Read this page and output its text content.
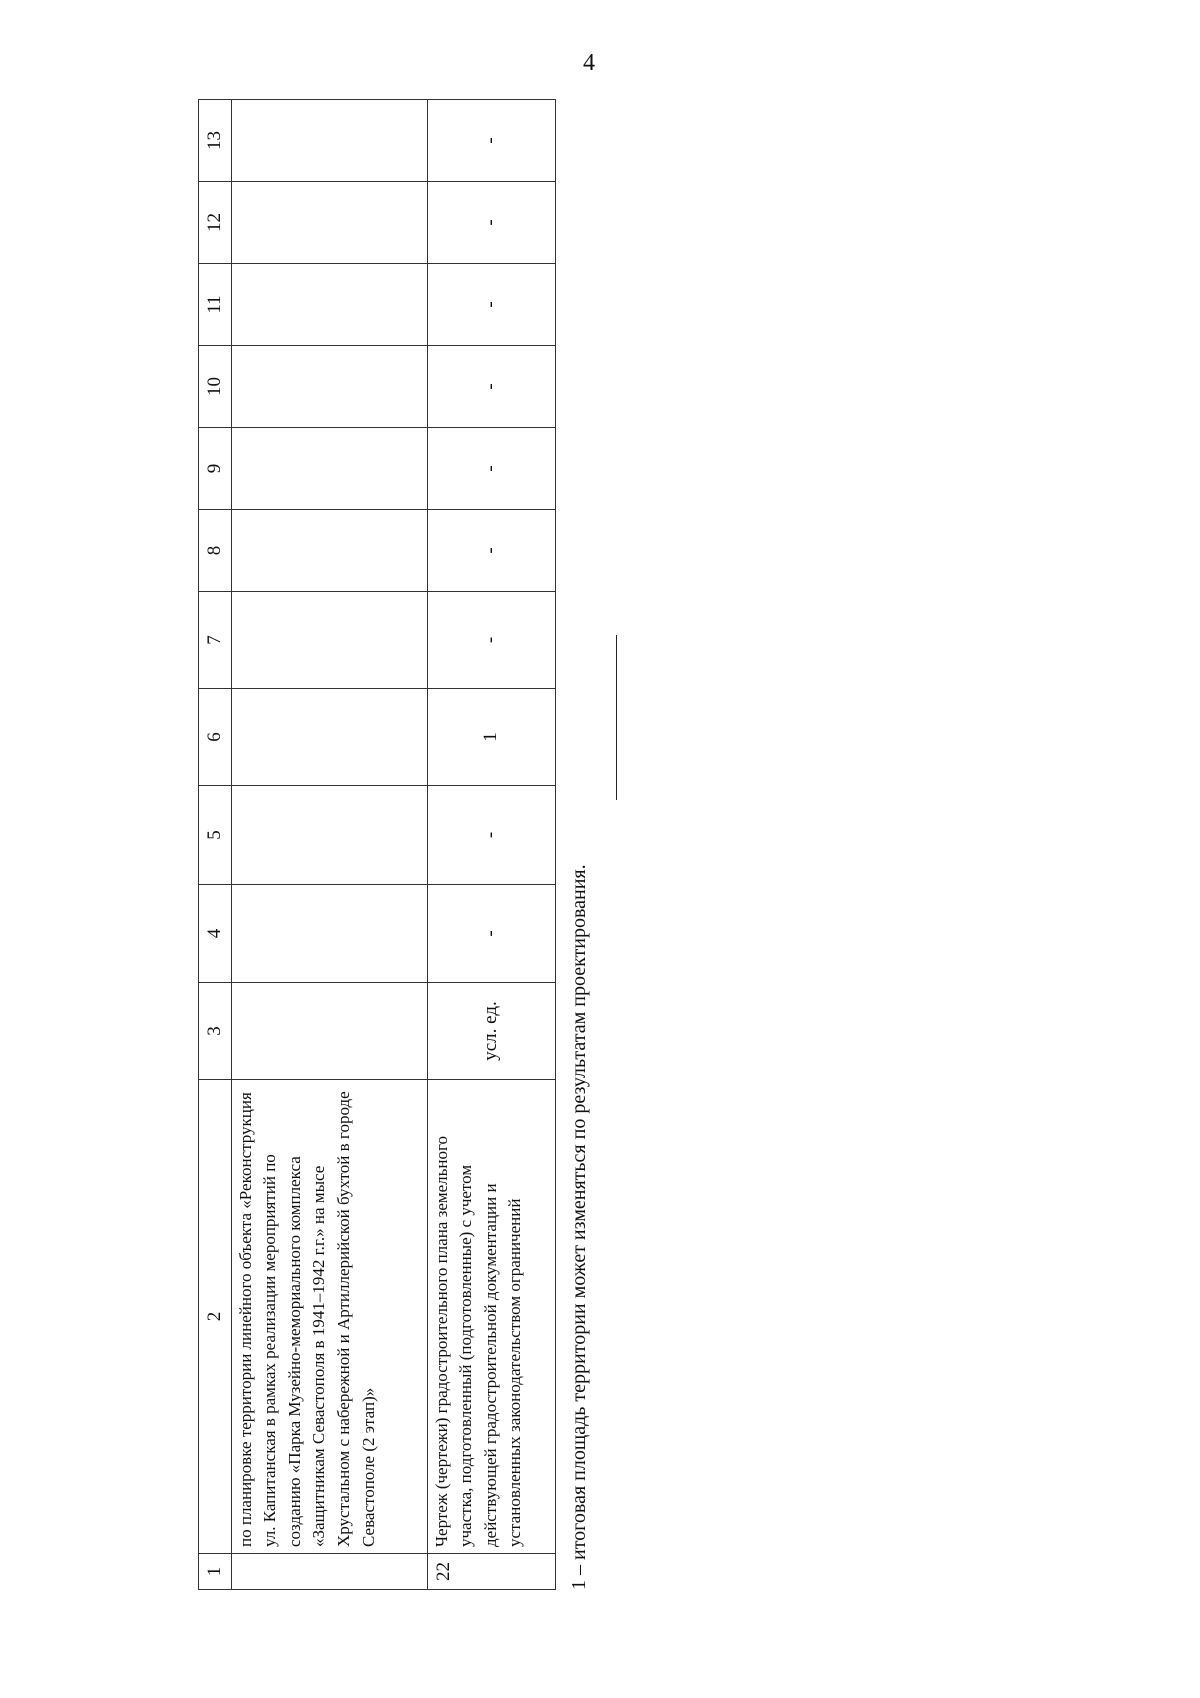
4
1	2	3	4	5	6	7	8	9	10	11	12	13
	по планировке территории линейного объекта «Реконструкция ул. Капитанская в рамках реализации мероприятий по созданию «Парка Музейно-мемориального комплекса «Защитникам Севастополя в 1941–1942 г.г.» на мысе Хрустальном с набережной и Артиллерийской бухтой в городе Севастополе (2 этап)»											
22	Чертеж (чертежи) градостроительного плана земельного участка, подготовленный (подготовленные) с учетом действующей градостроительной документации и установленных законодательством ограничений	усл. ед.	-	-	1	-	-	-	-	-	-	-
1 – итоговая площадь территории может изменяться по результатам проектирования.
